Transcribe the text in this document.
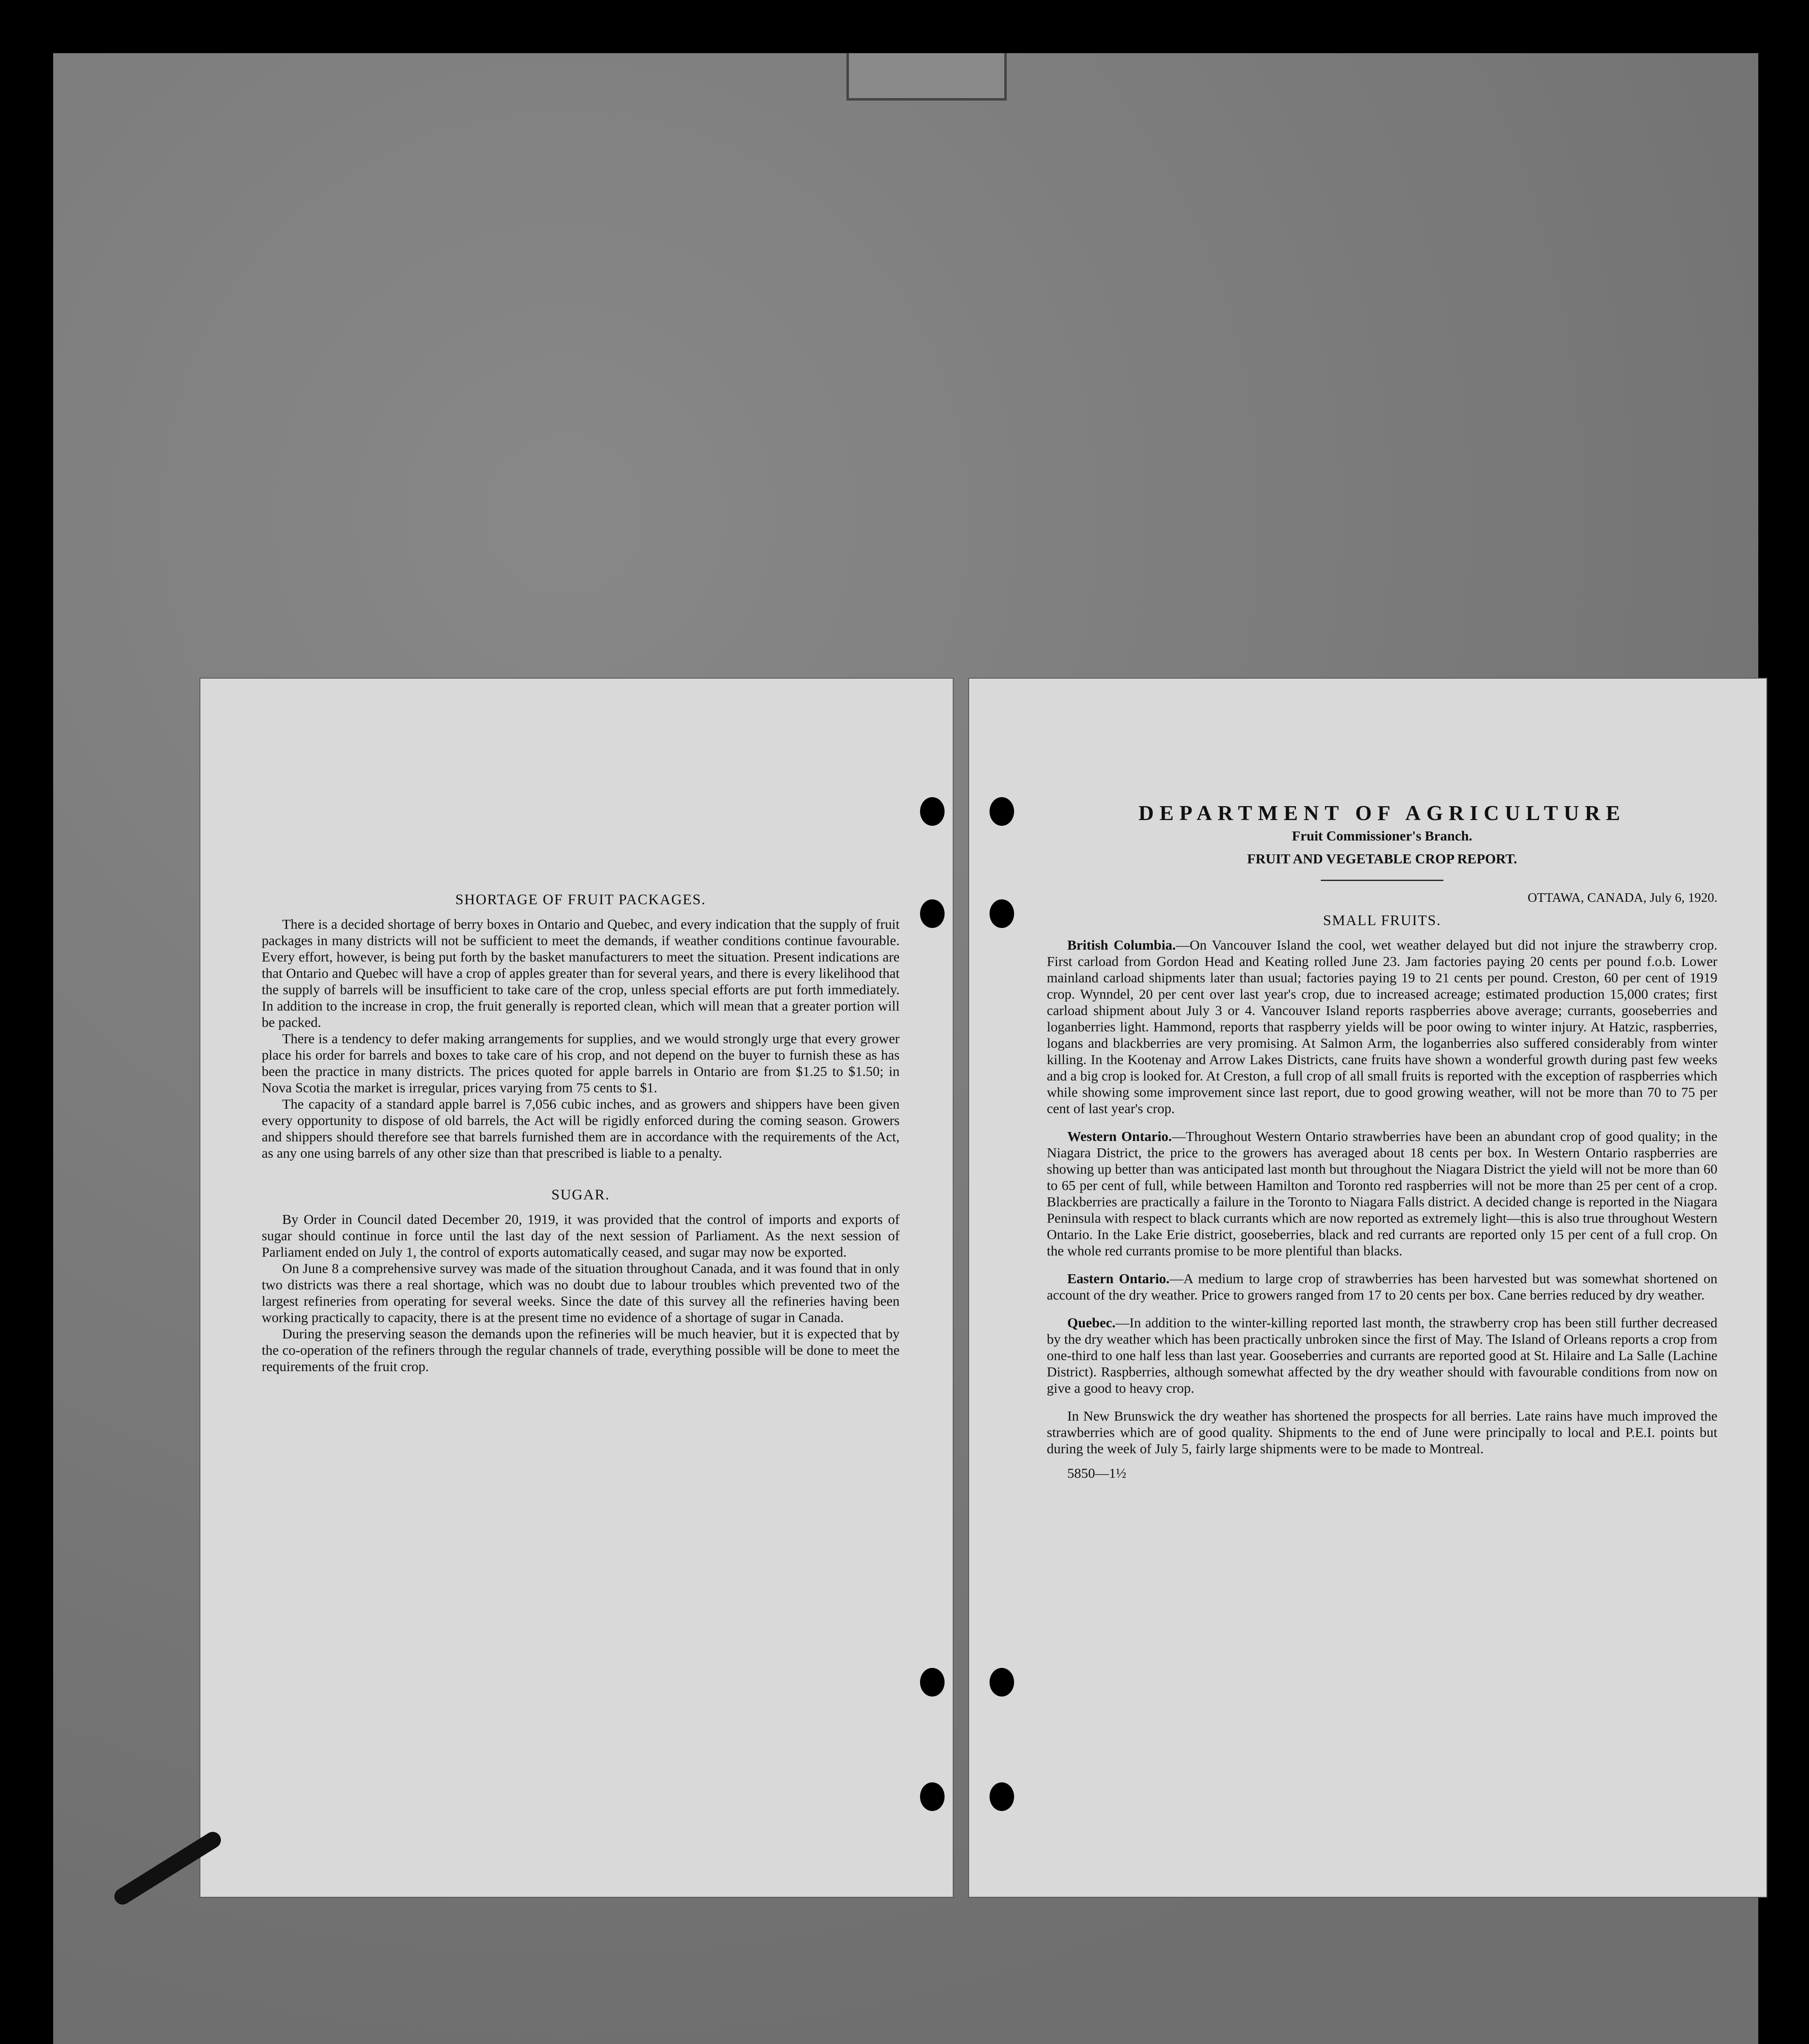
SHORTAGE OF FRUIT PACKAGES.

There is a decided shortage of berry boxes in Ontario and Quebec, and every indication that the supply of fruit packages in many districts will not be sufficient to meet the demands, if weather conditions continue favourable. Every effort, however, is being put forth by the basket manufacturers to meet the situation. Present indications are that Ontario and Quebec will have a crop of apples greater than for several years, and there is every likelihood that the supply of barrels will be insufficient to take care of the crop, unless special efforts are put forth immediately. In addition to the increase in crop, the fruit generally is reported clean, which will mean that a greater portion will be packed.

There is a tendency to defer making arrangements for supplies, and we would strongly urge that every grower place his order for barrels and boxes to take care of his crop, and not depend on the buyer to furnish these as has been the practice in many districts. The prices quoted for apple barrels in Ontario are from $1.25 to $1.50; in Nova Scotia the market is irregular, prices varying from 75 cents to $1.

The capacity of a standard apple barrel is 7,056 cubic inches, and as growers and shippers have been given every opportunity to dispose of old barrels, the Act will be rigidly enforced during the coming season. Growers and shippers should therefore see that barrels furnished them are in accordance with the requirements of the Act, as any one using barrels of any other size than that prescribed is liable to a penalty.

SUGAR.

By Order in Council dated December 20, 1919, it was provided that the control of imports and exports of sugar should continue in force until the last day of the next session of Parliament. As the next session of Parliament ended on July 1, the control of exports automatically ceased, and sugar may now be exported.

On June 8 a comprehensive survey was made of the situation throughout Canada, and it was found that in only two districts was there a real shortage, which was no doubt due to labour troubles which prevented two of the largest refineries from operating for several weeks. Since the date of this survey all the refineries having been working practically to capacity, there is at the present time no evidence of a shortage of sugar in Canada.

During the preserving season the demands upon the refineries will be much heavier, but it is expected that by the co-operation of the refiners through the regular channels of trade, everything possible will be done to meet the requirements of the fruit crop.

DEPARTMENT OF AGRICULTURE
Fruit Commissioner's Branch.
FRUIT AND VEGETABLE CROP REPORT.
OTTAWA, CANADA, July 6, 1920.
SMALL FRUITS.

British Columbia.—On Vancouver Island the cool, wet weather delayed but did not injure the strawberry crop. First carload from Gordon Head and Keating rolled June 23. Jam factories paying 20 cents per pound f.o.b. Lower mainland carload shipments later than usual; factories paying 19 to 21 cents per pound. Creston, 60 per cent of 1919 crop. Wynndel, 20 per cent over last year's crop, due to increased acreage; estimated production 15,000 crates; first carload shipment about July 3 or 4. Vancouver Island reports raspberries above average; currants, gooseberries and loganberries light. Hammond, reports that raspberry yields will be poor owing to winter injury. At Hatzic, raspberries, logans and blackberries are very promising. At Salmon Arm, the loganberries also suffered considerably from winter killing. In the Kootenay and Arrow Lakes Districts, cane fruits have shown a wonderful growth during past few weeks and a big crop is looked for. At Creston, a full crop of all small fruits is reported with the exception of raspberries which while showing some improvement since last report, due to good growing weather, will not be more than 70 to 75 per cent of last year's crop.

Western Ontario.—Throughout Western Ontario strawberries have been an abundant crop of good quality; in the Niagara District, the price to the growers has averaged about 18 cents per box. In Western Ontario raspberries are showing up better than was anticipated last month but throughout the Niagara District the yield will not be more than 60 to 65 per cent of full, while between Hamilton and Toronto red raspberries will not be more than 25 per cent of a crop. Blackberries are practically a failure in the Toronto to Niagara Falls district. A decided change is reported in the Niagara Peninsula with respect to black currants which are now reported as extremely light—this is also true throughout Western Ontario. In the Lake Erie district, gooseberries, black and red currants are reported only 15 per cent of a full crop. On the whole red currants promise to be more plentiful than blacks.

Eastern Ontario.—A medium to large crop of strawberries has been harvested but was somewhat shortened on account of the dry weather. Price to growers ranged from 17 to 20 cents per box. Cane berries reduced by dry weather.

Quebec.—In addition to the winter-killing reported last month, the strawberry crop has been still further decreased by the dry weather which has been practically unbroken since the first of May. The Island of Orleans reports a crop from one-third to one half less than last year. Gooseberries and currants are reported good at St. Hilaire and La Salle (Lachine District). Raspberries, although somewhat affected by the dry weather should with favourable conditions from now on give a good to heavy crop.

In New Brunswick the dry weather has shortened the prospects for all berries. Late rains have much improved the strawberries which are of good quality. Shipments to the end of June were principally to local and P.E.I. points but during the week of July 5, fairly large shipments were to be made to Montreal.

5850—1½
